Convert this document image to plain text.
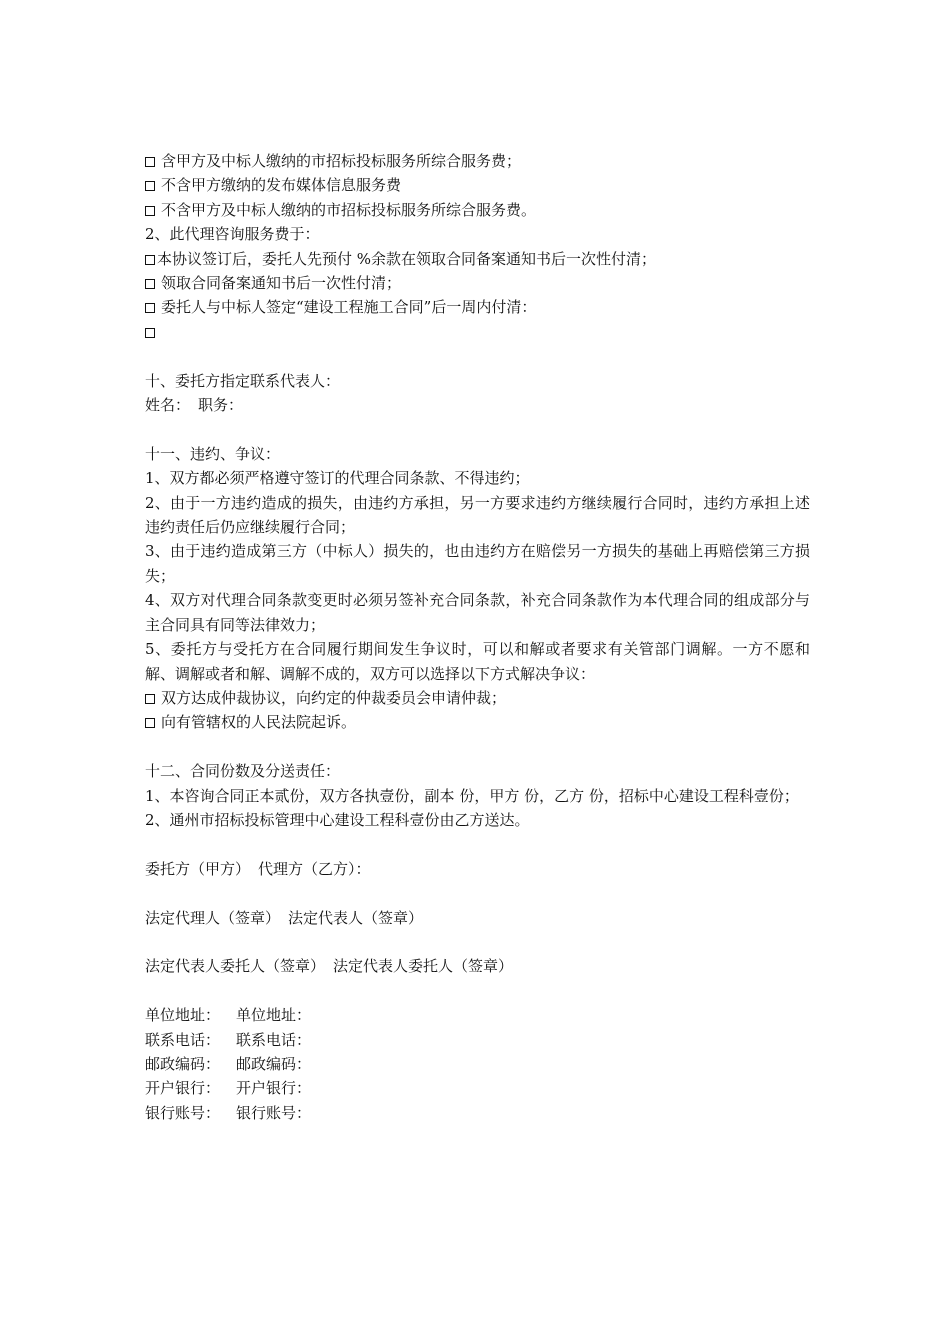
含甲方及中标人缴纳的市招标投标服务所综合服务费；
不含甲方缴纳的发布媒体信息服务费
不含甲方及中标人缴纳的市招标投标服务所综合服务费。
2、此代理咨询服务费于：
本协议签订后，委托人先预付 %余款在领取合同备案通知书后一次性付清；
领取合同备案通知书后一次性付清；
委托人与中标人签定“建设工程施工合同”后一周内付清：
十、委托方指定联系代表人：
姓名： 职务：
十一、违约、争议：
1、双方都必须严格遵守签订的代理合同条款、不得违约；
2、由于一方违约造成的损失，由违约方承担，另一方要求违约方继续履行合同时，违约方承担上述违约责任后仍应继续履行合同；
3、由于违约造成第三方（中标人）损失的，也由违约方在赔偿另一方损失的基础上再赔偿第三方损失；
4、双方对代理合同条款变更时必须另签补充合同条款，补充合同条款作为本代理合同的组成部分与主合同具有同等法律效力；
5、委托方与受托方在合同履行期间发生争议时，可以和解或者要求有关管部门调解。一方不愿和解、调解或者和解、调解不成的，双方可以选择以下方式解决争议：
双方达成仲裁协议，向约定的仲裁委员会申请仲裁；
向有管辖权的人民法院起诉。
十二、合同份数及分送责任：
1、本咨询合同正本贰份，双方各执壹份，副本 份，甲方 份，乙方 份，招标中心建设工程科壹份；
2、通州市招标投标管理中心建设工程科壹份由乙方送达。
委托方（甲方） 代理方（乙方）：
法定代理人（签章） 法定代表人（签章）
法定代表人委托人（签章） 法定代表人委托人（签章）
单位地址： 单位地址：
联系电话： 联系电话：
邮政编码： 邮政编码：
开户银行： 开户银行：
银行账号： 银行账号：
